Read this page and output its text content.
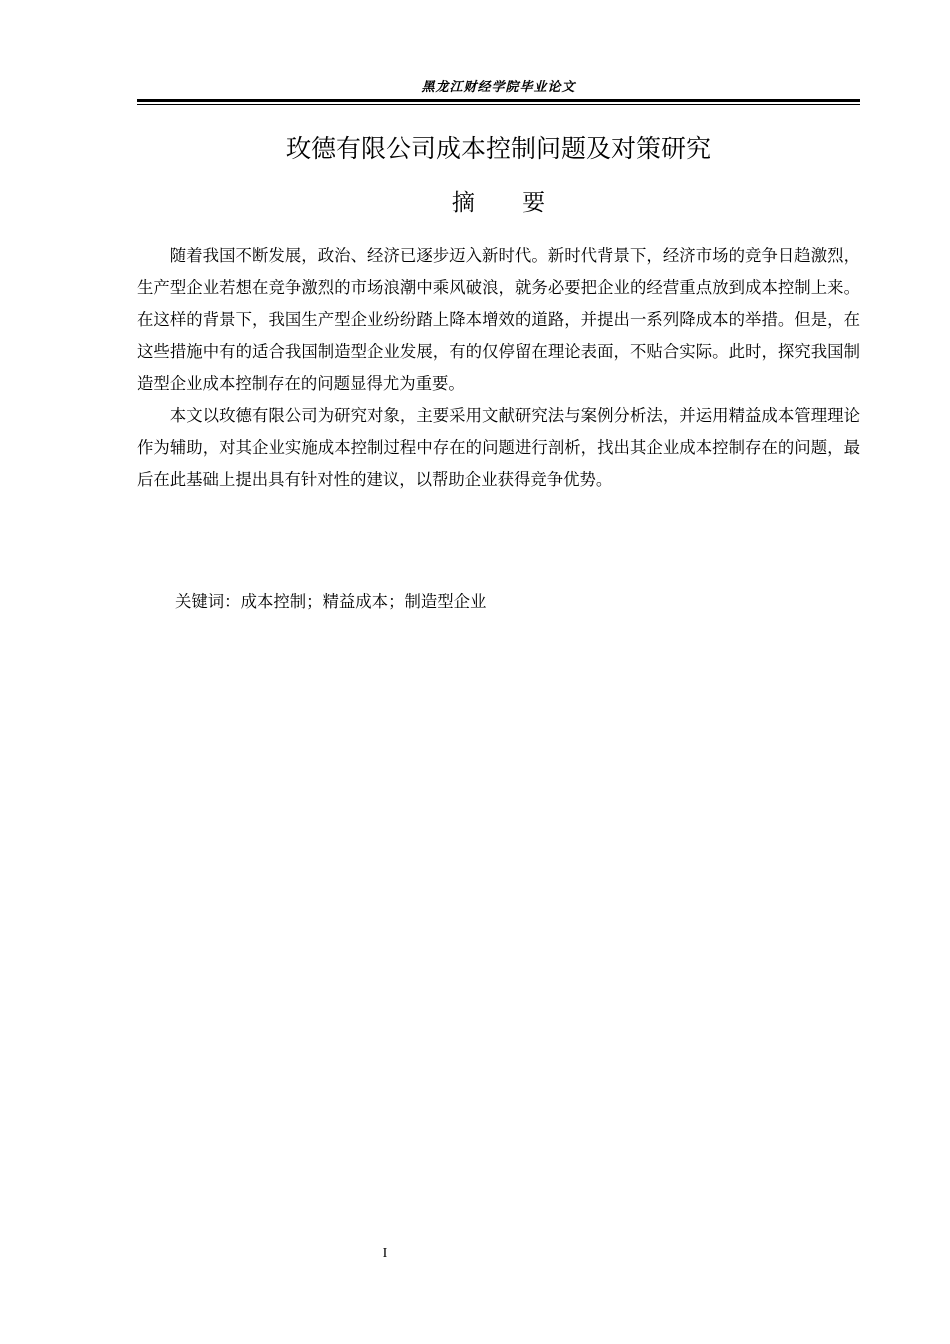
黑龙江财经学院毕业论文
玫德有限公司成本控制问题及对策研究
摘 要

随着我国不断发展，政治、经济已逐步迈入新时代。新时代背景下，经济市场的竞争日趋激烈，生产型企业若想在竞争激烈的市场浪潮中乘风破浪，就务必要把企业的经营重点放到成本控制上来。在这样的背景下，我国生产型企业纷纷踏上降本增效的道路，并提出一系列降成本的举措。但是，在这些措施中有的适合我国制造型企业发展，有的仅停留在理论表面，不贴合实际。此时，探究我国制造型企业成本控制存在的问题显得尤为重要。

本文以玫德有限公司为研究对象，主要采用文献研究法与案例分析法，并运用精益成本管理理论作为辅助，对其企业实施成本控制过程中存在的问题进行剖析，找出其企业成本控制存在的问题，最后在此基础上提出具有针对性的建议，以帮助企业获得竞争优势。

关键词：成本控制；精益成本；制造型企业
I
